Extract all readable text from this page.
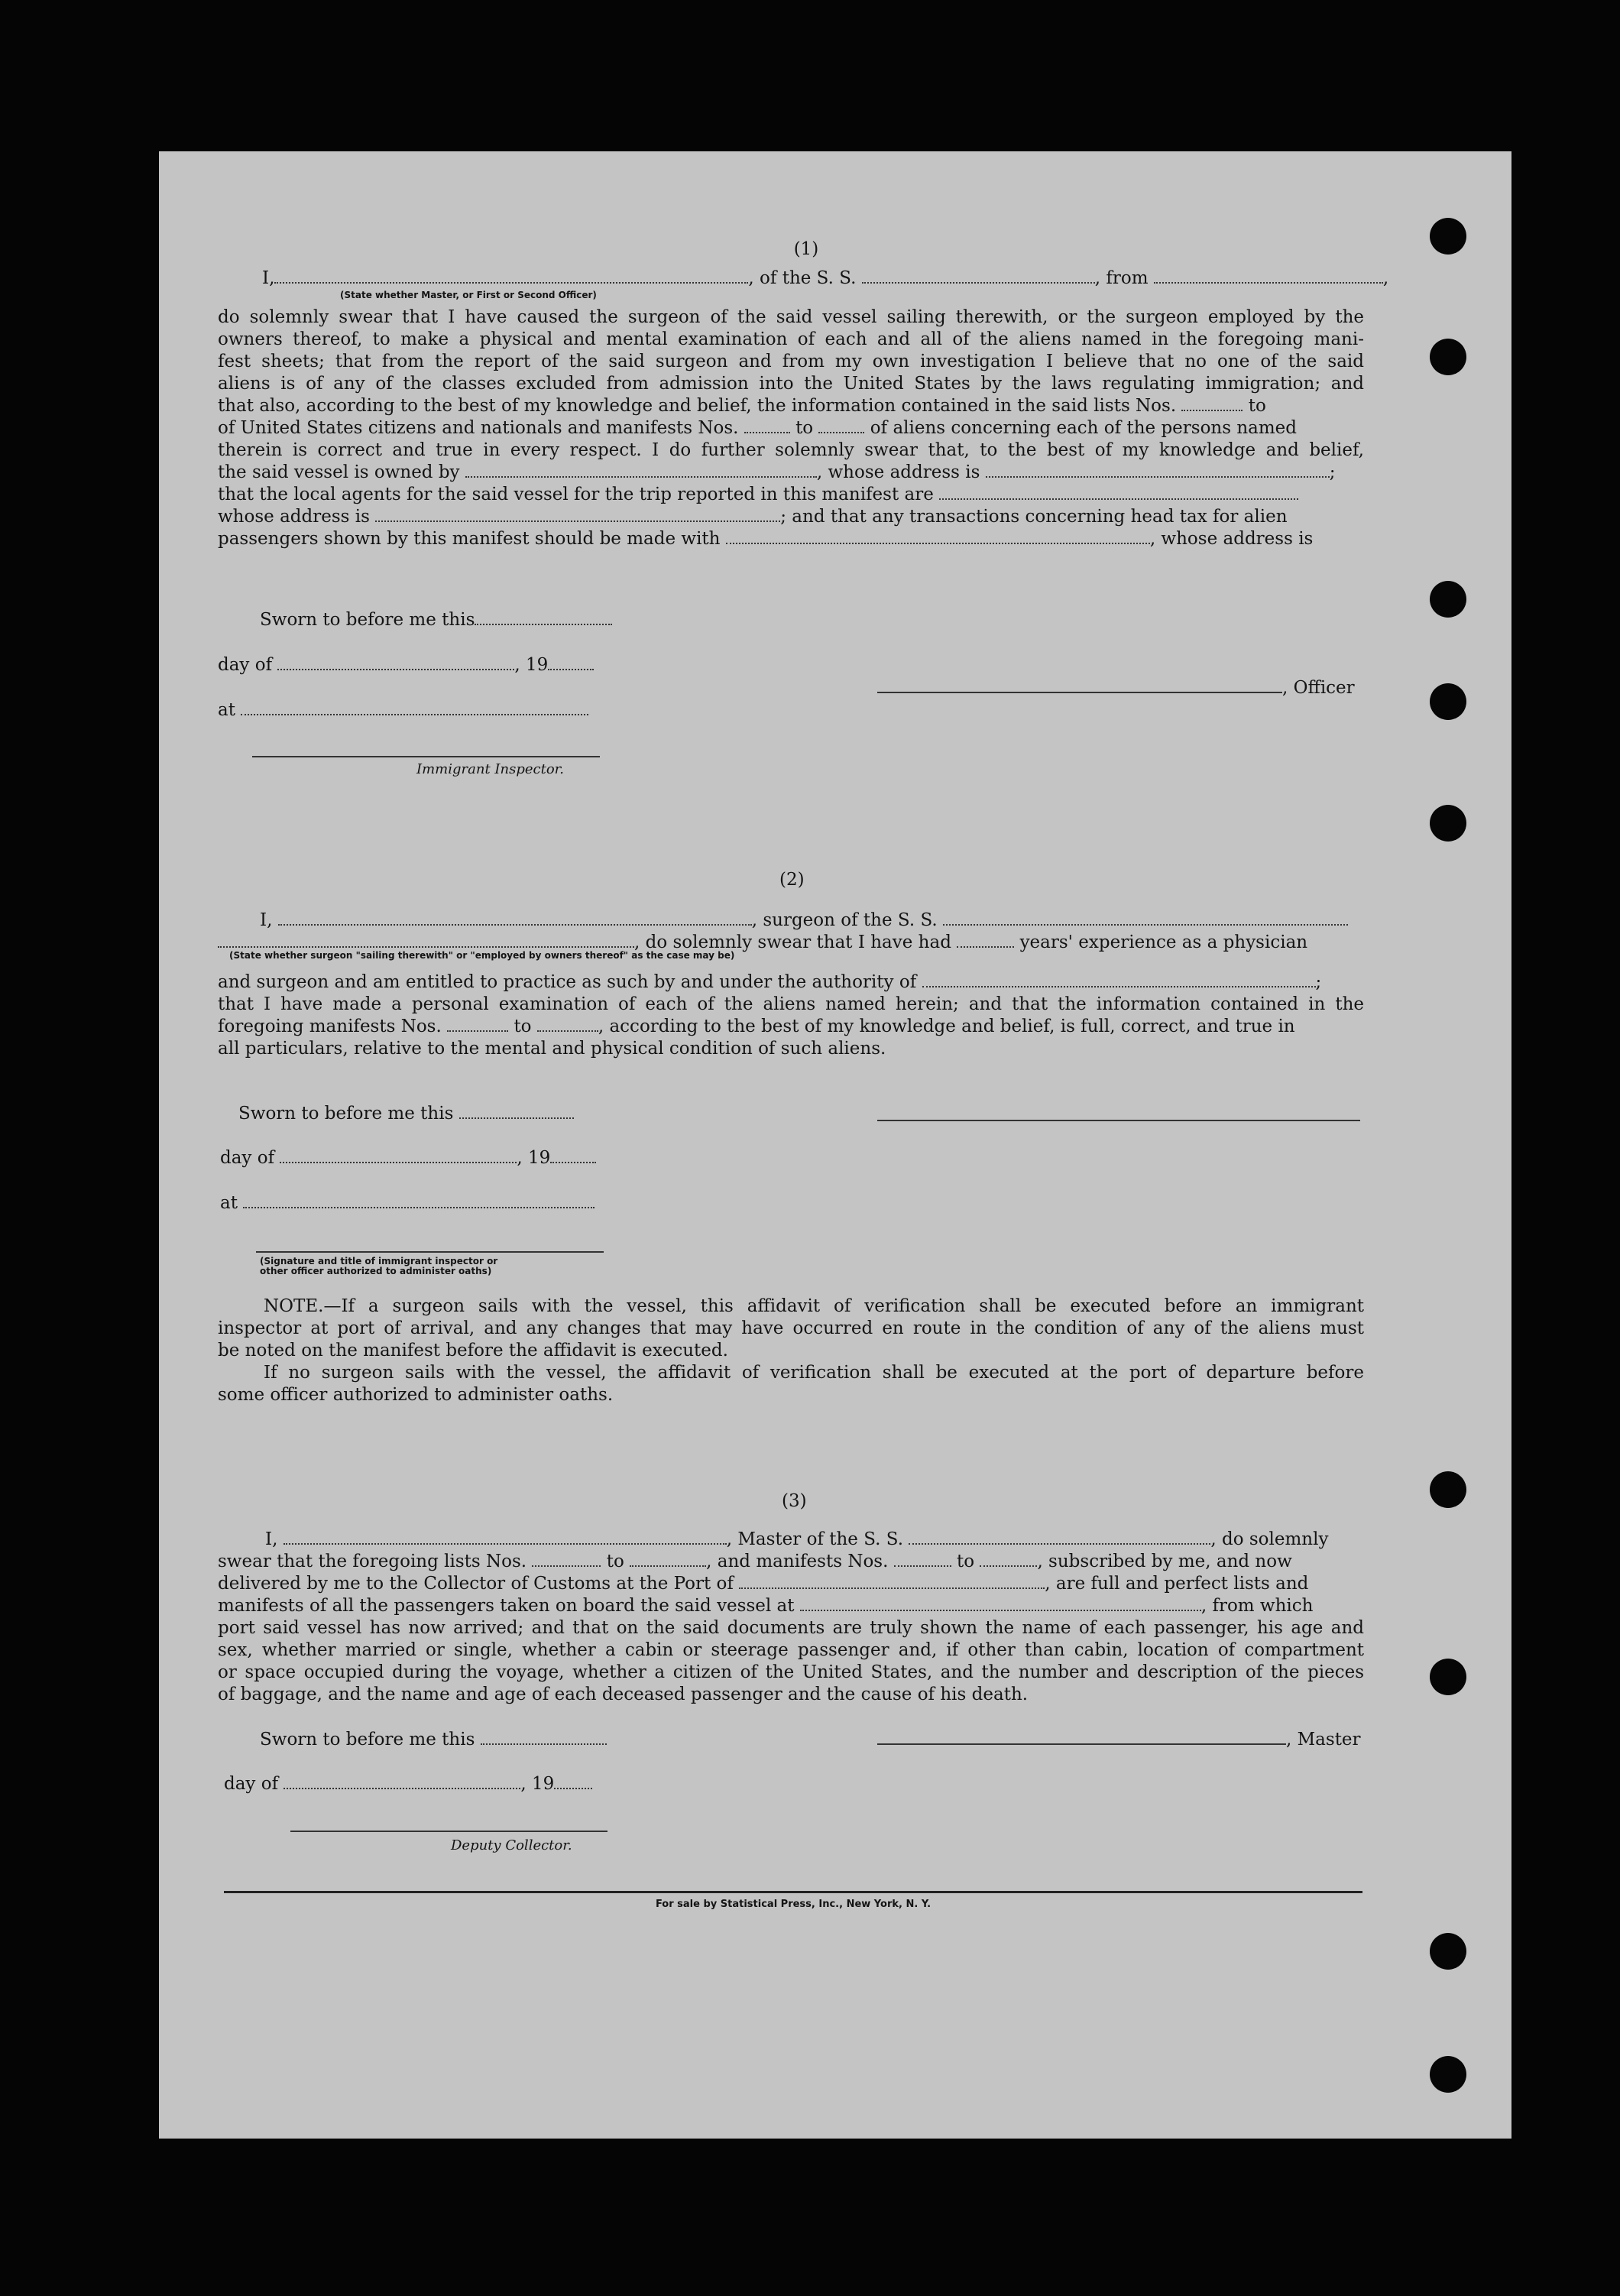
(1)
I,	, of the S. S.	, from	,
(State whether Master, or First or Second Officer)
do solemnly swear that I have caused the surgeon of the said vessel sailing therewith, or the surgeon employed by the
owners thereof, to make a physical and mental examination of each and all of the aliens named in the foregoing mani-
fest sheets; that from the report of the said surgeon and from my own investigation I believe that no one of the said
aliens is of any of the classes excluded from admission into the United States by the laws regulating immigration; and
that also, according to the best of my knowledge and belief, the information contained in the said lists Nos.	to
of United States citizens and nationals and manifests Nos.	to	of aliens concerning each of the persons named
therein is correct and true in every respect. I do further solemnly swear that, to the best of my knowledge and belief,
the said vessel is owned by	, whose address is	;
that the local agents for the said vessel for the trip reported in this manifest are
whose address is	; and that any transactions concerning head tax for alien
passengers shown by this manifest should be made with	, whose address is
Sworn to before me this
day of	, 19
at
, Officer
Immigrant Inspector.
(2)
I,	, surgeon of the S. S.
, do solemnly swear that I have had	years' experience as a physician
(State whether surgeon "sailing therewith" or "employed by owners thereof" as the case may be)
and surgeon and am entitled to practice as such by and under the authority of	;
that I have made a personal examination of each of the aliens named herein; and that the information contained in the
foregoing manifests Nos.	to	, according to the best of my knowledge and belief, is full, correct, and true in
all particulars, relative to the mental and physical condition of such aliens.
Sworn to before me this
day of	, 19
at
(Signature and title of immigrant inspector or
other officer authorized to administer oaths)
NOTE.—If a surgeon sails with the vessel, this affidavit of verification shall be executed before an immigrant
inspector at port of arrival, and any changes that may have occurred en route in the condition of any of the aliens must
be noted on the manifest before the affidavit is executed.
If no surgeon sails with the vessel, the affidavit of verification shall be executed at the port of departure before
some officer authorized to administer oaths.
(3)
I,	, Master of the S. S.	, do solemnly
swear that the foregoing lists Nos.	to	, and manifests Nos.	to	, subscribed by me, and now
delivered by me to the Collector of Customs at the Port of	, are full and perfect lists and
manifests of all the passengers taken on board the said vessel at	, from which
port said vessel has now arrived; and that on the said documents are truly shown the name of each passenger, his age and
sex, whether married or single, whether a cabin or steerage passenger and, if other than cabin, location of compartment
or space occupied during the voyage, whether a citizen of the United States, and the number and description of the pieces
of baggage, and the name and age of each deceased passenger and the cause of his death.
Sworn to before me this	, Master
day of	, 19
Deputy Collector.
For sale by Statistical Press, Inc., New York, N. Y.
